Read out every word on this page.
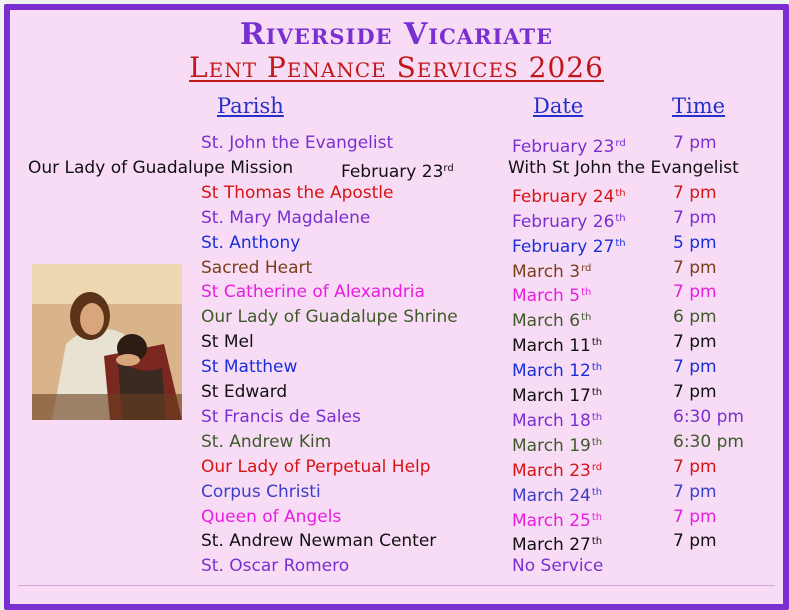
Riverside Vicariate
Lent Penance Services 2026
Parish	Date	Time
St. John the Evangelist	February 23rd	7 pm
St Thomas the Apostle	February 24th	7 pm
St. Mary Magdalene	February 26th	7 pm
St. Anthony	February 27th	5 pm
Sacred Heart	March 3rd	7 pm
St Catherine of Alexandria	March 5th	7 pm
Our Lady of Guadalupe Shrine	March 6th	6 pm
St Mel	March 11th	7 pm
St Matthew	March 12th	7 pm
St Edward	March 17th	7 pm
St Francis de Sales	March 18th	6:30 pm
St. Andrew Kim	March 19th	6:30 pm
Our Lady of Perpetual Help	March 23rd	7 pm
Corpus Christi	March 24th	7 pm
Queen of Angels	March 25th	7 pm
St. Andrew Newman Center	March 27th	7 pm
St. Oscar Romero	No Service
Our Lady of Guadalupe Mission	February 23rd	With St John the Evangelist
